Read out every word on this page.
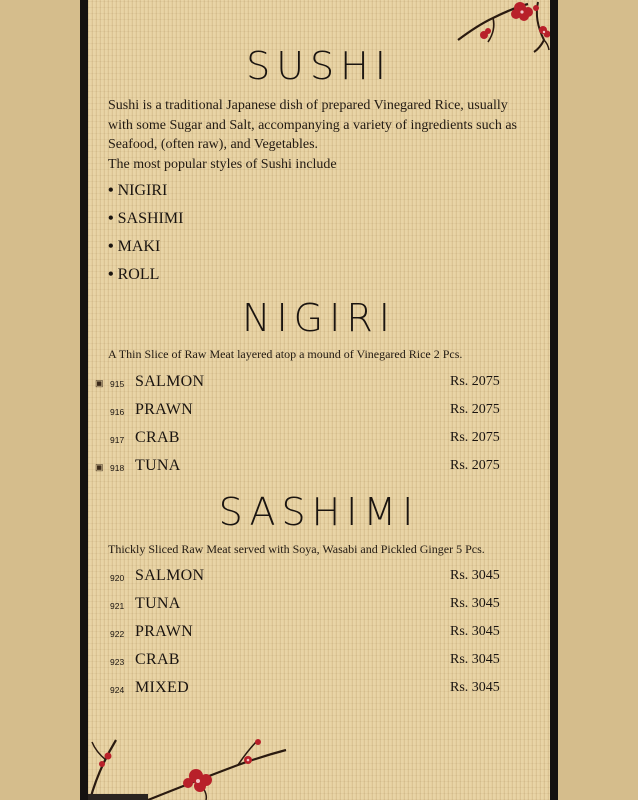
SUSHI
Sushi is a traditional Japanese dish of prepared Vinegared Rice, usually
with some Sugar and Salt, accompanying a variety of ingredients such as
Seafood, (often raw), and Vegetables.
The most popular styles of Sushi include
• NIGIRI
• SASHIMI
• MAKI
• ROLL
NIGIRI
A Thin Slice of Raw Meat layered atop a mound of Vinegared Rice 2 Pcs.
▣ 915 SALMON	Rs. 2075
916 PRAWN	Rs. 2075
917 CRAB	Rs. 2075
▣ 918 TUNA	Rs. 2075
SASHIMI
Thickly Sliced Raw Meat served with Soya, Wasabi and Pickled Ginger 5 Pcs.
920 SALMON	Rs. 3045
921 TUNA	Rs. 3045
922 PRAWN	Rs. 3045
923 CRAB	Rs. 3045
924 MIXED	Rs. 3045
